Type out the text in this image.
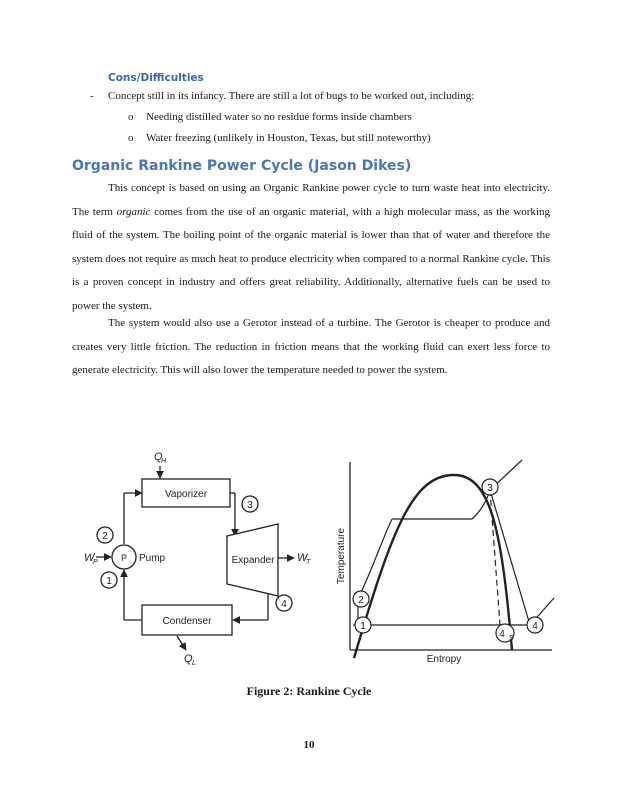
Cons/Difficulties
- Concept still in its infancy. There are still a lot of bugs to be worked out, including:
o Needing distilled water so no residue forms inside chambers
o Water freezing (unlikely in Houston, Texas, but still noteworthy)
Organic Rankine Power Cycle (Jason Dikes)
This concept is based on using an Organic Rankine power cycle to turn waste heat into electricity. The term organic comes from the use of an organic material, with a high molecular mass, as the working fluid of the system. The boiling point of the organic material is lower than that of water and therefore the system does not require as much heat to produce electricity when compared to a normal Rankine cycle. This is a proven concept in industry and offers great reliability. Additionally, alternative fuels can be used to power the system.
The system would also use a Gerotor instead of a turbine. The Gerotor is cheaper to produce and creates very little friction. The reduction in friction means that the working fluid can exert less force to generate electricity. This will also lower the temperature needed to power the system.
Q
H
Vaporizer
Expander
Condenser
P Pump
W
P	W
T
Q L
1
2
3
4
Temperature
Entropy
1
2
3
4
4 S
Figure 2: Rankine Cycle
10
